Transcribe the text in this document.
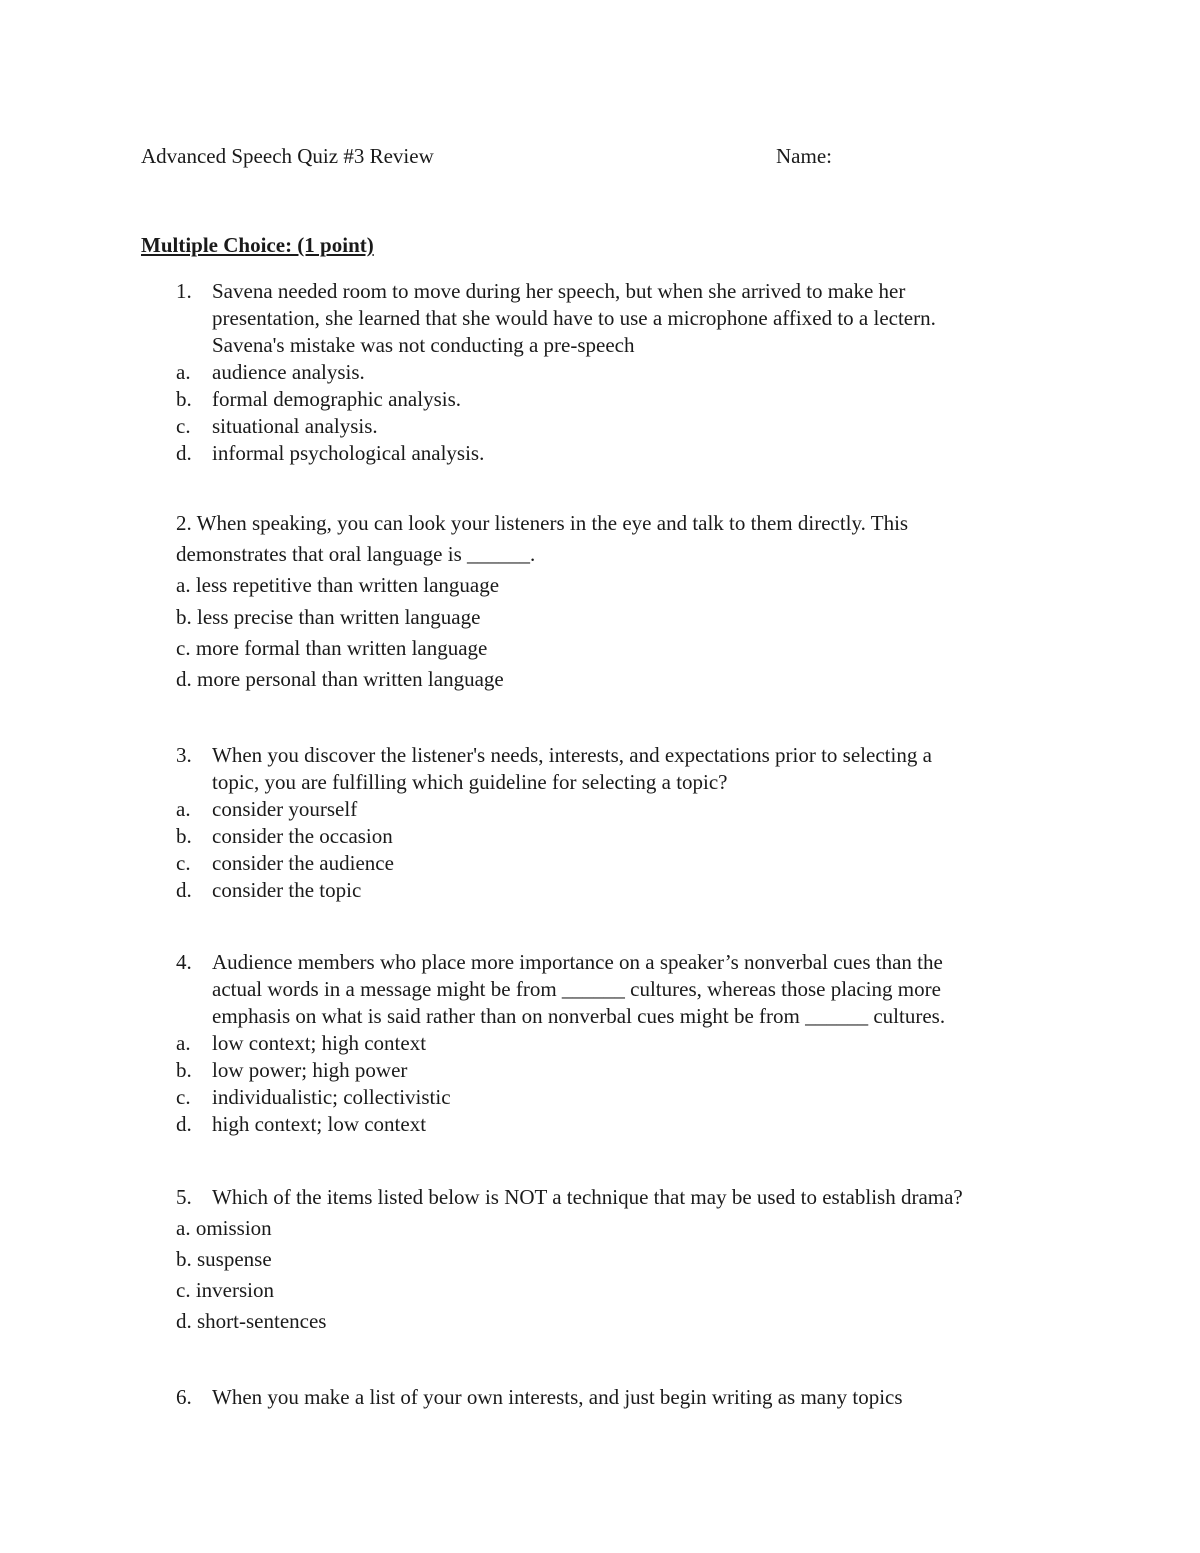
Advanced Speech Quiz #3 Review	Name:
Multiple Choice: (1 point)
1. Savena needed room to move during her speech, but when she arrived to make her
presentation, she learned that she would have to use a microphone affixed to a lectern.
Savena's mistake was not conducting a pre-speech
a. audience analysis.
b. formal demographic analysis.
c. situational analysis.
d. informal psychological analysis.
2. When speaking, you can look your listeners in the eye and talk to them directly. This
demonstrates that oral language is ______.
a. less repetitive than written language
b. less precise than written language
c. more formal than written language
d. more personal than written language
3. When you discover the listener's needs, interests, and expectations prior to selecting a
topic, you are fulfilling which guideline for selecting a topic?
a. consider yourself
b. consider the occasion
c. consider the audience
d. consider the topic
4. Audience members who place more importance on a speaker’s nonverbal cues than the
actual words in a message might be from ______ cultures, whereas those placing more
emphasis on what is said rather than on nonverbal cues might be from ______ cultures.
a. low context; high context
b. low power; high power
c. individualistic; collectivistic
d. high context; low context
5. Which of the items listed below is NOT a technique that may be used to establish drama?
a. omission
b. suspense
c. inversion
d. short-sentences
6. When you make a list of your own interests, and just begin writing as many topics
